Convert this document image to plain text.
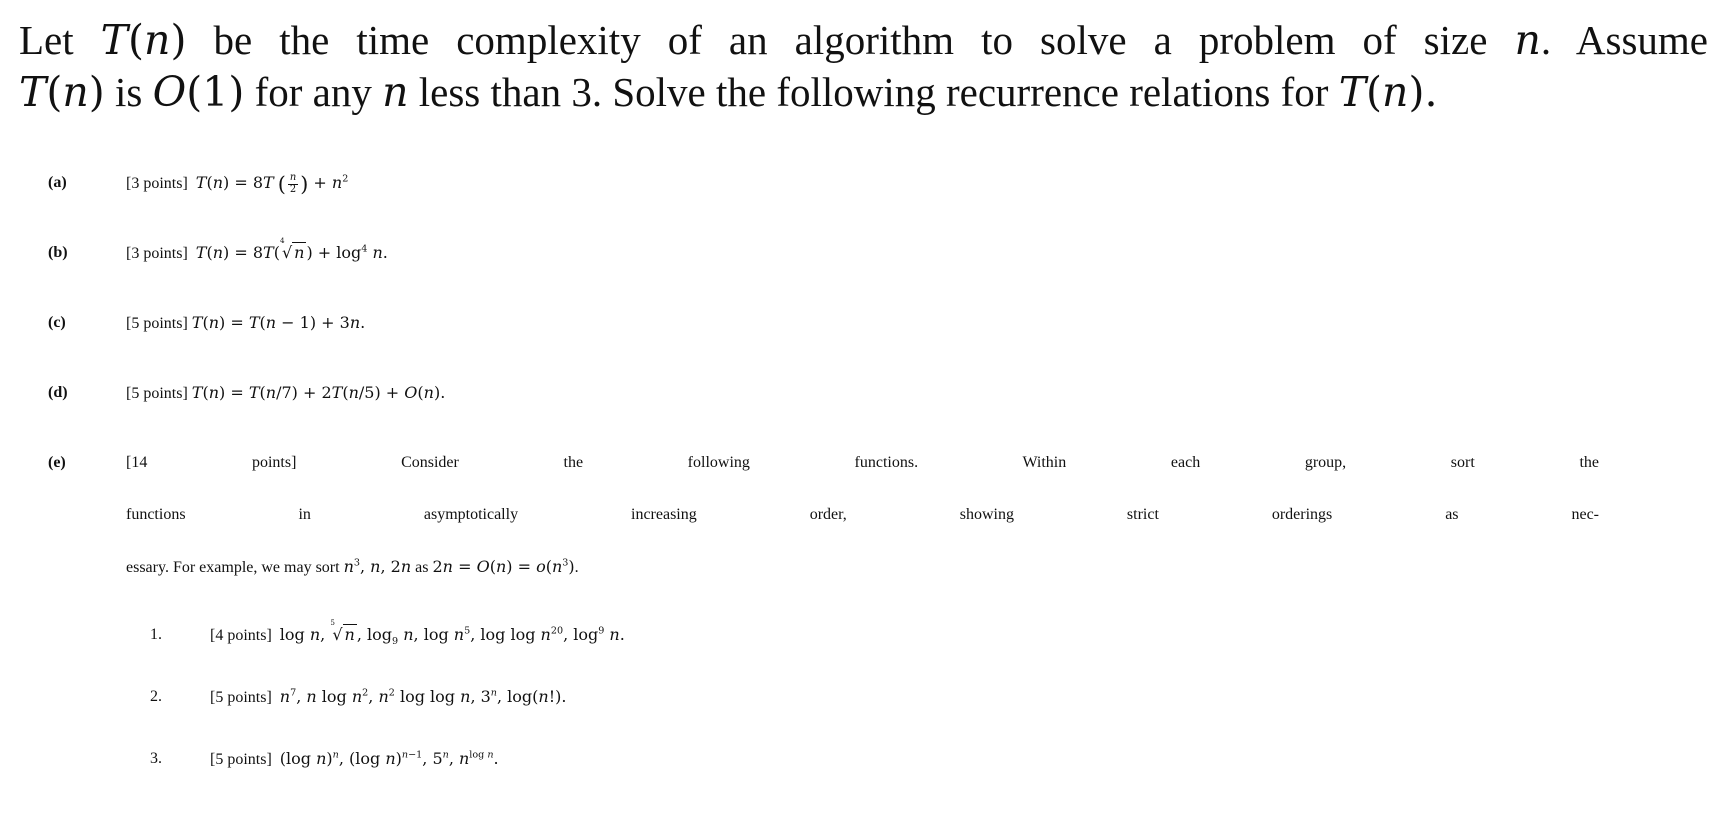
Let T(n) be the time complexity of an algorithm to solve a problem of size n. Assume
T(n) is O(1) for any n less than 3. Solve the following recurrence relations for T(n).
(a)	[3 points] T(n) = 8T ( $\frac{n}{2}$ ) + $n^2$
(b)	[3 points] T(n) = 8T(
4
√ n ) + $\log^4 n$.
(c)	[5 points] T(n) = T(n − 1) + 3n.
(d)	[5 points] T(n) = T(n/7) + 2T(n/5) + O(n).
(e)	[14 points]	Consider the following functions. Within each group, sort the
functions in asymptotically increasing order, showing strict orderings as nec-
essary. For example, we may sort $n^3$, n, 2n as $2n = O(n) = o(n^3)$.
1.	[4 points] log n,
5
√ n , $\log_9 n$, $\log n^5$, $\log \log n^{20}$, $\log^9 n$.
2.	[5 points] $n^7$, n $\log n^2$, $n^2$ log log n, 3$^n$, log(n!).
3.	[5 points] (log n)$^n$, (log n)$^{n-1}$, 5$^n$, $n^{log n}$.
